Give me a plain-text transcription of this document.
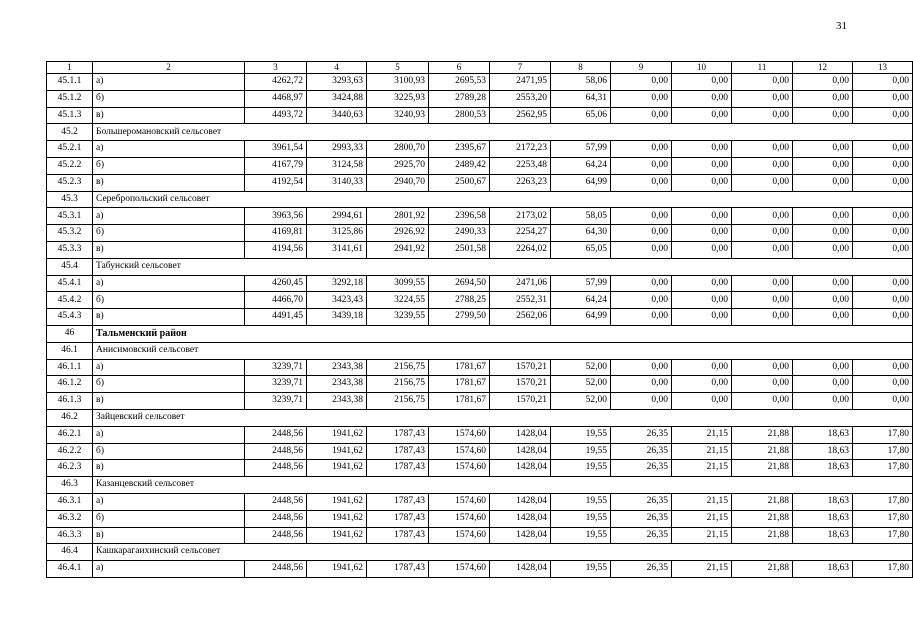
31
1	2	3	4	5	6	7	8	9	10	11	12	13
45.1.1	а)	4262,72	3293,63	3100,93	2695,53	2471,95	58,06	0,00	0,00	0,00	0,00	0,00
45.1.2	б)	4468,97	3424,88	3225,93	2789,28	2553,20	64,31	0,00	0,00	0,00	0,00	0,00
45.1.3	в)	4493,72	3440,63	3240,93	2800,53	2562,95	65,06	0,00	0,00	0,00	0,00	0,00
45.2	Большеромановский сельсовет											
45.2.1	а)	3961,54	2993,33	2800,70	2395,67	2172,23	57,99	0,00	0,00	0,00	0,00	0,00
45.2.2	б)	4167,79	3124,58	2925,70	2489,42	2253,48	64,24	0,00	0,00	0,00	0,00	0,00
45.2.3	в)	4192,54	3140,33	2940,70	2500,67	2263,23	64,99	0,00	0,00	0,00	0,00	0,00
45.3	Серебропольский сельсовет											
45.3.1	а)	3963,56	2994,61	2801,92	2396,58	2173,02	58,05	0,00	0,00	0,00	0,00	0,00
45.3.2	б)	4169,81	3125,86	2926,92	2490,33	2254,27	64,30	0,00	0,00	0,00	0,00	0,00
45.3.3	в)	4194,56	3141,61	2941,92	2501,58	2264,02	65,05	0,00	0,00	0,00	0,00	0,00
45.4	Табунский сельсовет											
45.4.1	а)	4260,45	3292,18	3099,55	2694,50	2471,06	57,99	0,00	0,00	0,00	0,00	0,00
45.4.2	б)	4466,70	3423,43	3224,55	2788,25	2552,31	64,24	0,00	0,00	0,00	0,00	0,00
45.4.3	в)	4491,45	3439,18	3239,55	2799,50	2562,06	64,99	0,00	0,00	0,00	0,00	0,00
46	Тальменский район											
46.1	Анисимовский сельсовет											
46.1.1	а)	3239,71	2343,38	2156,75	1781,67	1570,21	52,00	0,00	0,00	0,00	0,00	0,00
46.1.2	б)	3239,71	2343,38	2156,75	1781,67	1570,21	52,00	0,00	0,00	0,00	0,00	0,00
46.1.3	в)	3239,71	2343,38	2156,75	1781,67	1570,21	52,00	0,00	0,00	0,00	0,00	0,00
46.2	Зайцевский сельсовет											
46.2.1	а)	2448,56	1941,62	1787,43	1574,60	1428,04	19,55	26,35	21,15	21,88	18,63	17,80
46.2.2	б)	2448,56	1941,62	1787,43	1574,60	1428,04	19,55	26,35	21,15	21,88	18,63	17,80
46.2.3	в)	2448,56	1941,62	1787,43	1574,60	1428,04	19,55	26,35	21,15	21,88	18,63	17,80
46.3	Казанцевский сельсовет											
46.3.1	а)	2448,56	1941,62	1787,43	1574,60	1428,04	19,55	26,35	21,15	21,88	18,63	17,80
46.3.2	б)	2448,56	1941,62	1787,43	1574,60	1428,04	19,55	26,35	21,15	21,88	18,63	17,80
46.3.3	в)	2448,56	1941,62	1787,43	1574,60	1428,04	19,55	26,35	21,15	21,88	18,63	17,80
46.4	Кашкарагаихинский сельсовет											
46.4.1	а)	2448,56	1941,62	1787,43	1574,60	1428,04	19,55	26,35	21,15	21,88	18,63	17,80
